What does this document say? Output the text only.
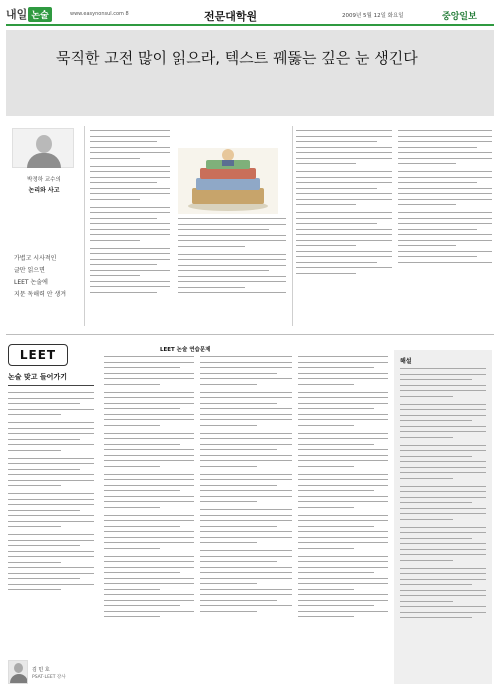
내일 논술	www.easynonsul.com 8	전문대학원	2009년 5월 12일 화요일	중앙일보
묵직한 고전 많이 읽으라, 텍스트 꿰뚫는 깊은 눈 생긴다
박정하 교수의
논리와 사고
가볍고 시사적인
글만 읽으면
LEET 논술에
지문 독해력 안 생겨
LEET
논술 맞고 들어가기
김 민 호
PSAT·LEET 강사
LEET 논술 연습문제
해설
